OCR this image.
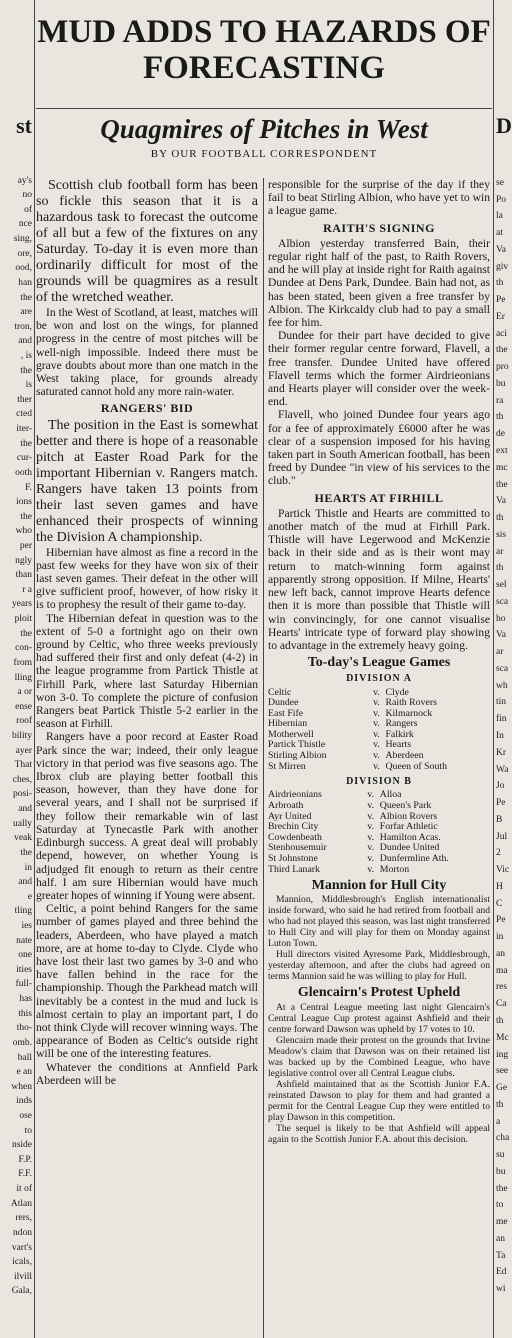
st
ay's
no
of
nce
sing,
ore,
ood,
han
the
are
tron,
and
, is
the
is
ther
cted
iter-
the
cur-
ooth
F.
ions
the
who
per
ngly
than
r a
years
ploit
the
con-
from
lling
a or
ense
roof
bility
ayer
That
ches,
posi-
and
ually
veak
the
in
and
e
tling
ies
nate
one
ities
full-
has
this
tho-
omb.
ball
e an
when
inds
ose
to
nside
F.P.
F.F.
it of
Atlan
rers,
ndon
vart's
icals,
ilvill
Gala,
MUD ADDS TO HAZARDS OF FORECASTING
Quagmires of Pitches in West
BY OUR FOOTBALL CORRESPONDENT

Scottish club football form has been so fickle this season that it is a hazardous task to forecast the outcome of all but a few of the fixtures on any Saturday. To-day it is even more than ordinarily difficult for most of the grounds will be quagmires as a result of the wretched weather.

In the West of Scotland, at least, matches will be won and lost on the wings, for planned progress in the centre of most pitches will be well-nigh impossible. Indeed there must be grave doubts about more than one match in the West taking place, for grounds already saturated cannot hold any more rain-water.

RANGERS' BID

The position in the East is somewhat better and there is hope of a reasonable pitch at Easter Road Park for the important Hibernian v. Rangers match. Rangers have taken 13 points from their last seven games and have enhanced their prospects of winning the Division A championship.

Hibernian have almost as fine a record in the past few weeks for they have won six of their last seven games. Their defeat in the other will give sufficient proof, however, of how risky it is to prophesy the result of their game to-day.

The Hibernian defeat in question was to the extent of 5-0 a fortnight ago on their own ground by Celtic, who three weeks previously had suffered their first and only defeat (4-2) in the league programme from Partick Thistle at Firhill Park, where last Saturday Hibernian won 3-0. To complete the picture of confusion Rangers beat Partick Thistle 5-2 earlier in the season at Firhill.

Rangers have a poor record at Easter Road Park since the war; indeed, their only league victory in that period was five seasons ago. The Ibrox club are playing better football this season, however, than they have done for several years, and I shall not be surprised if they follow their remarkable win of last Saturday at Tynecastle Park with another Edinburgh success. A great deal will probably depend, however, on whether Young is adjudged fit enough to return as their centre half. I am sure Hibernian would have much greater hopes of winning if Young were absent.

Celtic, a point behind Rangers for the same number of games played and three behind the leaders, Aberdeen, who have played a match more, are at home to-day to Clyde. Clyde who have lost their last two games by 3-0 and who have fallen behind in the race for the championship. Though the Parkhead match will inevitably be a contest in the mud and luck is almost certain to play an important part, I do not think Clyde will recover winning ways. The appearance of Boden as Celtic's outside right will be one of the interesting features.

Whatever the conditions at Annfield Park Aberdeen will be

responsible for the surprise of the day if they fail to beat Stirling Albion, who have yet to win a league game.

RAITH'S SIGNING

Albion yesterday transferred Bain, their regular right half of the past, to Raith Rovers, and he will play at inside right for Raith against Dundee at Dens Park, Dundee. Bain had not, as has been stated, been given a free transfer by Albion. The Kirkcaldy club had to pay a small fee for him.

Dundee for their part have decided to give their former regular centre forward, Flavell, a free transfer. Dundee United have offered Flavell terms which the former Airdrieonians and Hearts player will consider over the week-end.

Flavell, who joined Dundee four years ago for a fee of approximately £6000 after he was clear of a suspension imposed for his having taken part in South American football, has been freed by Dundee "in view of his services to the club."

HEARTS AT FIRHILL

Partick Thistle and Hearts are committed to another match of the mud at Firhill Park. Thistle will have Legerwood and McKenzie back in their side and as is their wont may return to match-winning form against apparently strong opposition. If Milne, Hearts' new left back, cannot improve Hearts defence then it is more than possible that Thistle will win convincingly, for one cannot visualise Hearts' intricate type of forward play showing to advantage in the extremely heavy going.

To-day's League Games
DIVISION A
Celtic	v.	Clyde
Dundee	v.	Raith Rovers
East Fife	v.	Kilmarnock
Hibernian	v.	Rangers
Motherwell	v.	Falkirk
Partick Thistle	v.	Hearts
Stirling Albion	v.	Aberdeen
St Mirren	v.	Queen of South
DIVISION B
Airdrieonians	v.	Alloa
Arbroath	v.	Queen's Park
Ayr United	v.	Albion Rovers
Brechin City	v.	Forfar Athletic
Cowdenbeath	v.	Hamilton Acas.
Stenhousemuir	v.	Dundee United
St Johnstone	v.	Dunfermline Ath.
Third Lanark	v.	Morton
Mannion for Hull City

Mannion, Middlesbrough's English internationalist inside forward, who said he had retired from football and who had not played this season, was last night transferred to Hull City and will play for them on Monday against Luton Town.

Hull directors visited Ayresome Park, Middlesbrough, yesterday afternoon, and after the clubs had agreed on terms Mannion said he was willing to play for Hull.

Glencairn's Protest Upheld

At a Central League meeting last night Glencairn's Central League Cup protest against Ashfield and their centre forward Dawson was upheld by 17 votes to 10.

Glencairn made their protest on the grounds that Irvine Meadow's claim that Dawson was on their retained list was backed up by the Combined League, who have legislative control over all Central League clubs.

Ashfield maintained that as the Scottish Junior F.A. reinstated Dawson to play for them and had granted a permit for the Central League Cup they were entitled to play Dawson in this competition.

The sequel is likely to be that Ashfield will appeal again to the Scottish Junior F.A. about this decision.

D
se
Po
la
at
Va
giv
th
Pe
Er
aci
the
pro
bu
ra
th
de
ext
mc
the
Va
th
sis
ar
th
sel
sca
ho
Va
ar
sca
wh
tin
fin
In
Kr
Wa
Jo
Pe
B
Jul
2
Vic
H
C
Pe
in
an
ma
res
Ca
th
Mc
ing
see
Ge
th
a
cha
su
bu
the
to
me
an
Ta
Ed
wi
